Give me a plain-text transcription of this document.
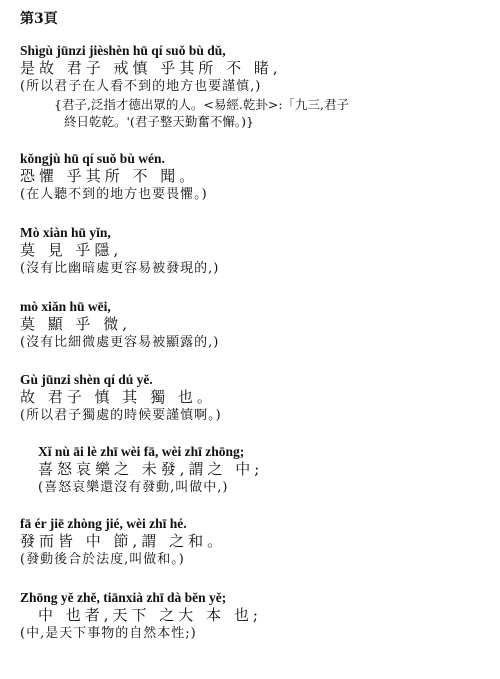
第3頁
Shìgù jūnzi jièshèn hū qí suǒ bù dǔ,
是故 君子 戒慎 乎其所 不 睹,
(所以君子在人看不到的地方也要謹慎,)
{君子,泛指才德出眾的人。<易經.乾卦>:「九三,君子
終日乾乾。'(君子整天勤奮不懈。)}
kǒngjù hū qí suǒ bù wén.
恐懼 乎其所 不 聞。
(在人聽不到的地方也要畏懼。)
Mò xiàn hū yǐn,
莫 見 乎隱,
(沒有比幽暗處更容易被發現的,)
mò xiǎn hū wēi,
莫 顯 乎 微,
(沒有比細微處更容易被顯露的,)
Gù jūnzi shèn qí dú yě.
故 君子 慎 其 獨 也。
(所以君子獨處的時候要謹慎啊。)
Xǐ nù āi lè zhī wèi fā, wèi zhī zhōng;
喜怒哀樂之 未發,謂之 中;
(喜怒哀樂還沒有發動,叫做中,)
fā ér jiē zhòng jié, wèi zhī hé.
發而皆 中 節,謂 之和。
(發動後合於法度,叫做和。)
Zhōng yě zhě, tiānxià zhī dà běn yě;
中 也者,天下 之大 本 也;
(中,是天下事物的自然本性;)
